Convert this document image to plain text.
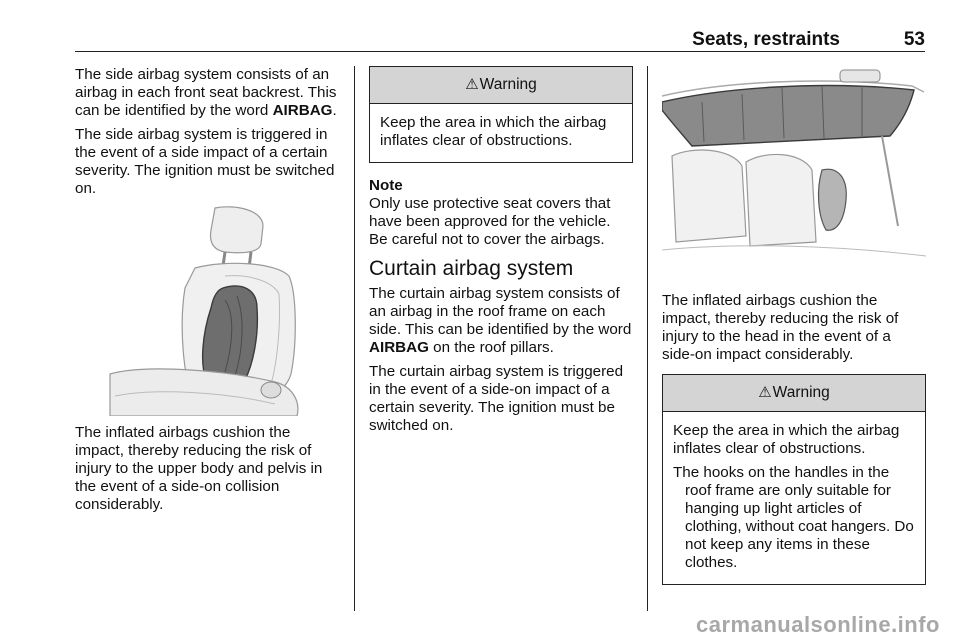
Seats, restraints	53

The side airbag system consists of an airbag in each front seat backrest. This can be identified by the word AIRBAG.

The side airbag system is triggered in the event of a side impact of a certain severity. The ignition must be switched on.

The inflated airbags cushion the impact, thereby reducing the risk of injury to the upper body and pelvis in the event of a side-on collision considerably.

⚠ Warning

Keep the area in which the airbag inflates clear of obstructions.

Note

Only use protective seat covers that have been approved for the vehicle. Be careful not to cover the airbags.

Curtain airbag system

The curtain airbag system consists of an airbag in the roof frame on each side. This can be identified by the word AIRBAG on the roof pillars.

The curtain airbag system is triggered in the event of a side-on impact of a certain severity. The ignition must be switched on.

The inflated airbags cushion the impact, thereby reducing the risk of injury to the head in the event of a side-on impact considerably.

⚠ Warning

Keep the area in which the airbag inflates clear of obstructions.

The hooks on the handles in the roof frame are only suitable for hanging up light articles of clothing, without coat hangers. Do not keep any items in these clothes.

carmanualsonline.info
